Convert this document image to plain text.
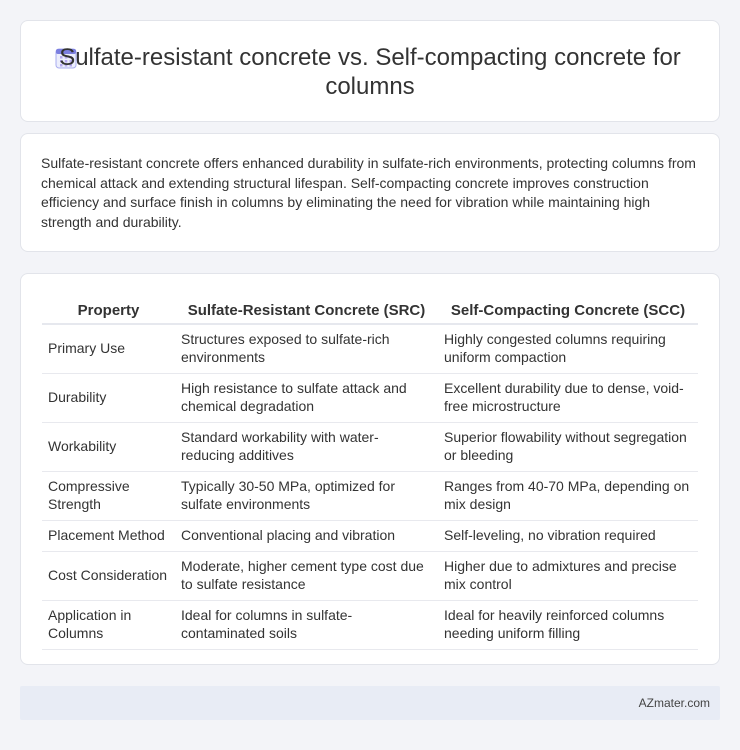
Sulfate-resistant concrete vs. Self-compacting concrete for columns

Sulfate-resistant concrete offers enhanced durability in sulfate-rich environments, protecting columns from chemical attack and extending structural lifespan. Self-compacting concrete improves construction efficiency and surface finish in columns by eliminating the need for vibration while maintaining high strength and durability.

Property	Sulfate-Resistant Concrete (SRC)	Self-Compacting Concrete (SCC)
Primary Use	Structures exposed to sulfate-rich environments	Highly congested columns requiring uniform compaction
Durability	High resistance to sulfate attack and chemical degradation	Excellent durability due to dense, void-free microstructure
Workability	Standard workability with water-reducing additives	Superior flowability without segregation or bleeding
Compressive Strength	Typically 30-50 MPa, optimized for sulfate environments	Ranges from 40-70 MPa, depending on mix design
Placement Method	Conventional placing and vibration	Self-leveling, no vibration required
Cost Consideration	Moderate, higher cement type cost due to sulfate resistance	Higher due to admixtures and precise mix control
Application in Columns	Ideal for columns in sulfate-contaminated soils	Ideal for heavily reinforced columns needing uniform filling
AZmater.com
